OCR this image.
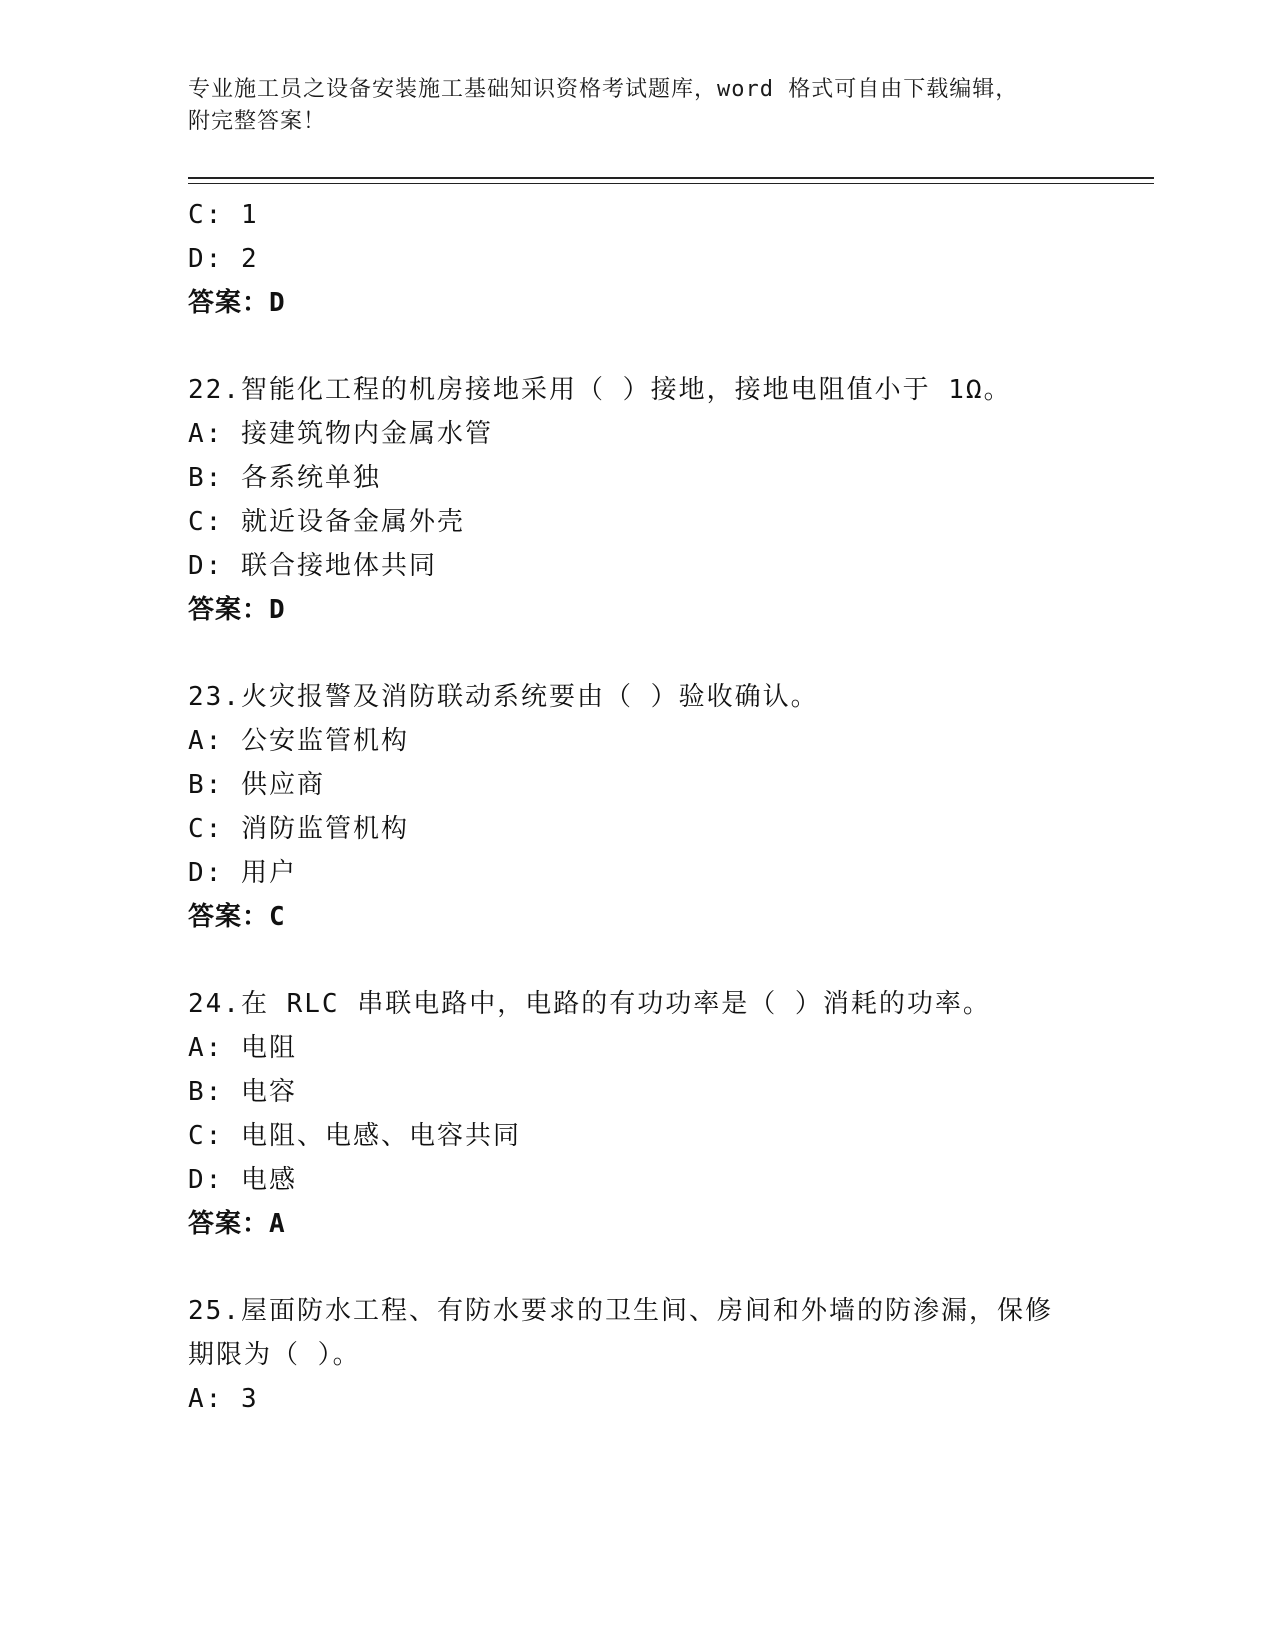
专业施工员之设备安装施工基础知识资格考试题库，word 格式可自由下载编辑，
附完整答案！
C: 1
D: 2
答案：D
22.智能化工程的机房接地采用（ ）接地，接地电阻值小于 1Ω。
A: 接建筑物内金属水管
B: 各系统单独
C: 就近设备金属外壳
D: 联合接地体共同
答案：D
23.火灾报警及消防联动系统要由（ ）验收确认。
A: 公安监管机构
B: 供应商
C: 消防监管机构
D: 用户
答案：C
24.在 RLC 串联电路中，电路的有功功率是（ ）消耗的功率。
A: 电阻
B: 电容
C: 电阻、电感、电容共同
D: 电感
答案：A
25.屋面防水工程、有防水要求的卫生间、房间和外墙的防渗漏，保修
期限为（ ）。
A: 3
